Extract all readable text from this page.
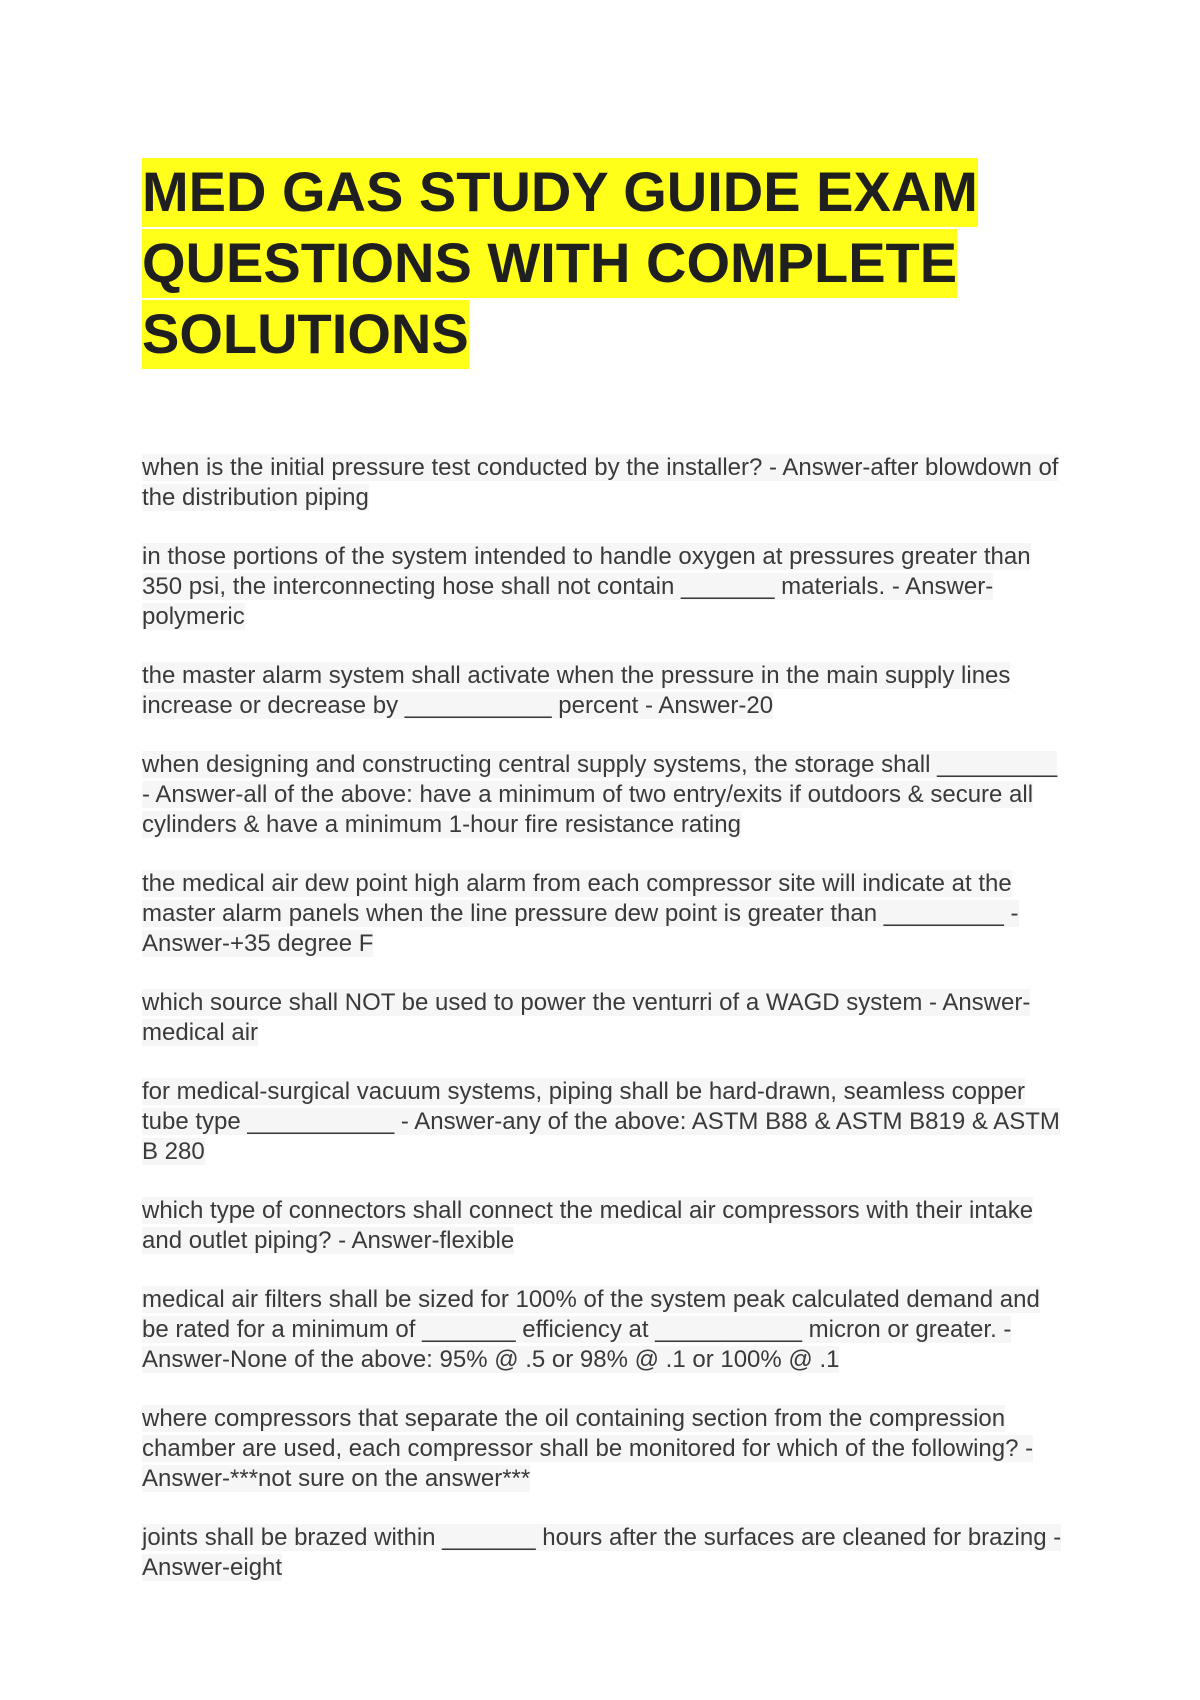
MED GAS STUDY GUIDE EXAM QUESTIONS WITH COMPLETE SOLUTIONS

when is the initial pressure test conducted by the installer? - Answer-after blowdown of the distribution piping

in those portions of the system intended to handle oxygen at pressures greater than 350 psi, the interconnecting hose shall not contain _______ materials. - Answer-polymeric

the master alarm system shall activate when the pressure in the main supply lines increase or decrease by ___________ percent - Answer-20

when designing and constructing central supply systems, the storage shall _________ - Answer-all of the above: have a minimum of two entry/exits if outdoors & secure all cylinders & have a minimum 1-hour fire resistance rating

the medical air dew point high alarm from each compressor site will indicate at the master alarm panels when the line pressure dew point is greater than _________ - Answer-+35 degree F

which source shall NOT be used to power the venturri of a WAGD system - Answer-medical air

for medical-surgical vacuum systems, piping shall be hard-drawn, seamless copper tube type ___________ - Answer-any of the above: ASTM B88 & ASTM B819 & ASTM B 280

which type of connectors shall connect the medical air compressors with their intake and outlet piping? - Answer-flexible

medical air filters shall be sized for 100% of the system peak calculated demand and be rated for a minimum of _______ efficiency at ___________ micron or greater. - Answer-None of the above: 95% @ .5 or 98% @ .1 or 100% @ .1

where compressors that separate the oil containing section from the compression chamber are used, each compressor shall be monitored for which of the following? - Answer-***not sure on the answer***

joints shall be brazed within _______ hours after the surfaces are cleaned for brazing - Answer-eight
